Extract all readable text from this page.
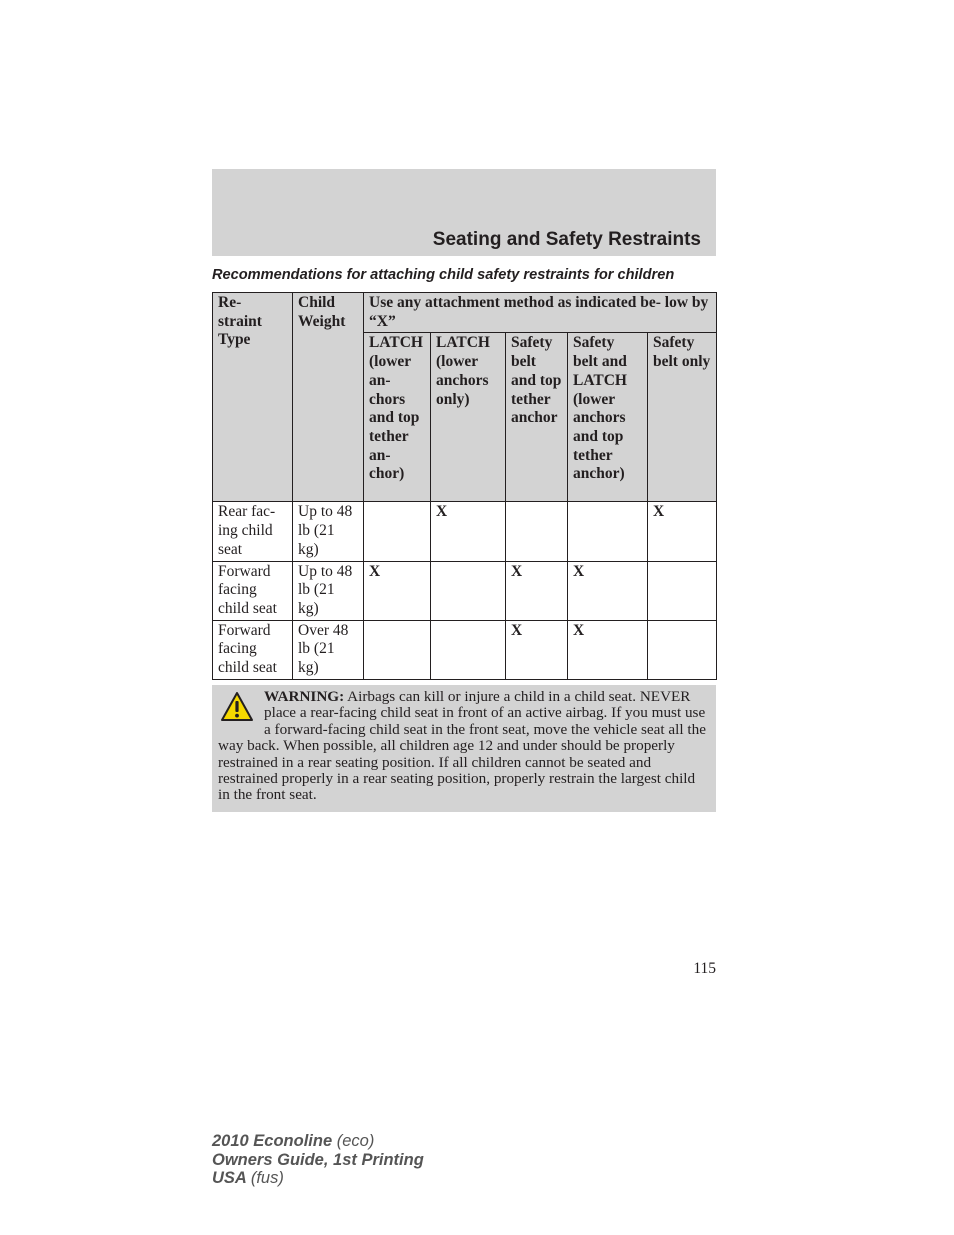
Seating and Safety Restraints
Recommendations for attaching child safety restraints for children
Re- straint Type	Child Weight	Use any attachment method as indicated be- low by “X”				
		LATCH (lower an- chors and top tether an- chor)	LATCH (lower anchors only)	Safety belt and top tether anchor	Safety belt and LATCH (lower anchors and top tether anchor)	Safety belt only
Rear fac- ing child seat	Up to 48 lb (21 kg)		X			X
Forward facing child seat	Up to 48 lb (21 kg)	X		X	X	
Forward facing child seat	Over 48 lb (21 kg)			X	X	
WARNING: Airbags can kill or injure a child in a child seat. NEVER place a rear-facing child seat in front of an active airbag. If you must use a forward-facing child seat in the front seat, move the vehicle seat all the way back. When possible, all children age 12 and under should be properly restrained in a rear seating position. If all children cannot be seated and restrained properly in a rear seating position, properly restrain the largest child in the front seat.
115
2010 Econoline (eco)
Owners Guide, 1st Printing
USA (fus)
